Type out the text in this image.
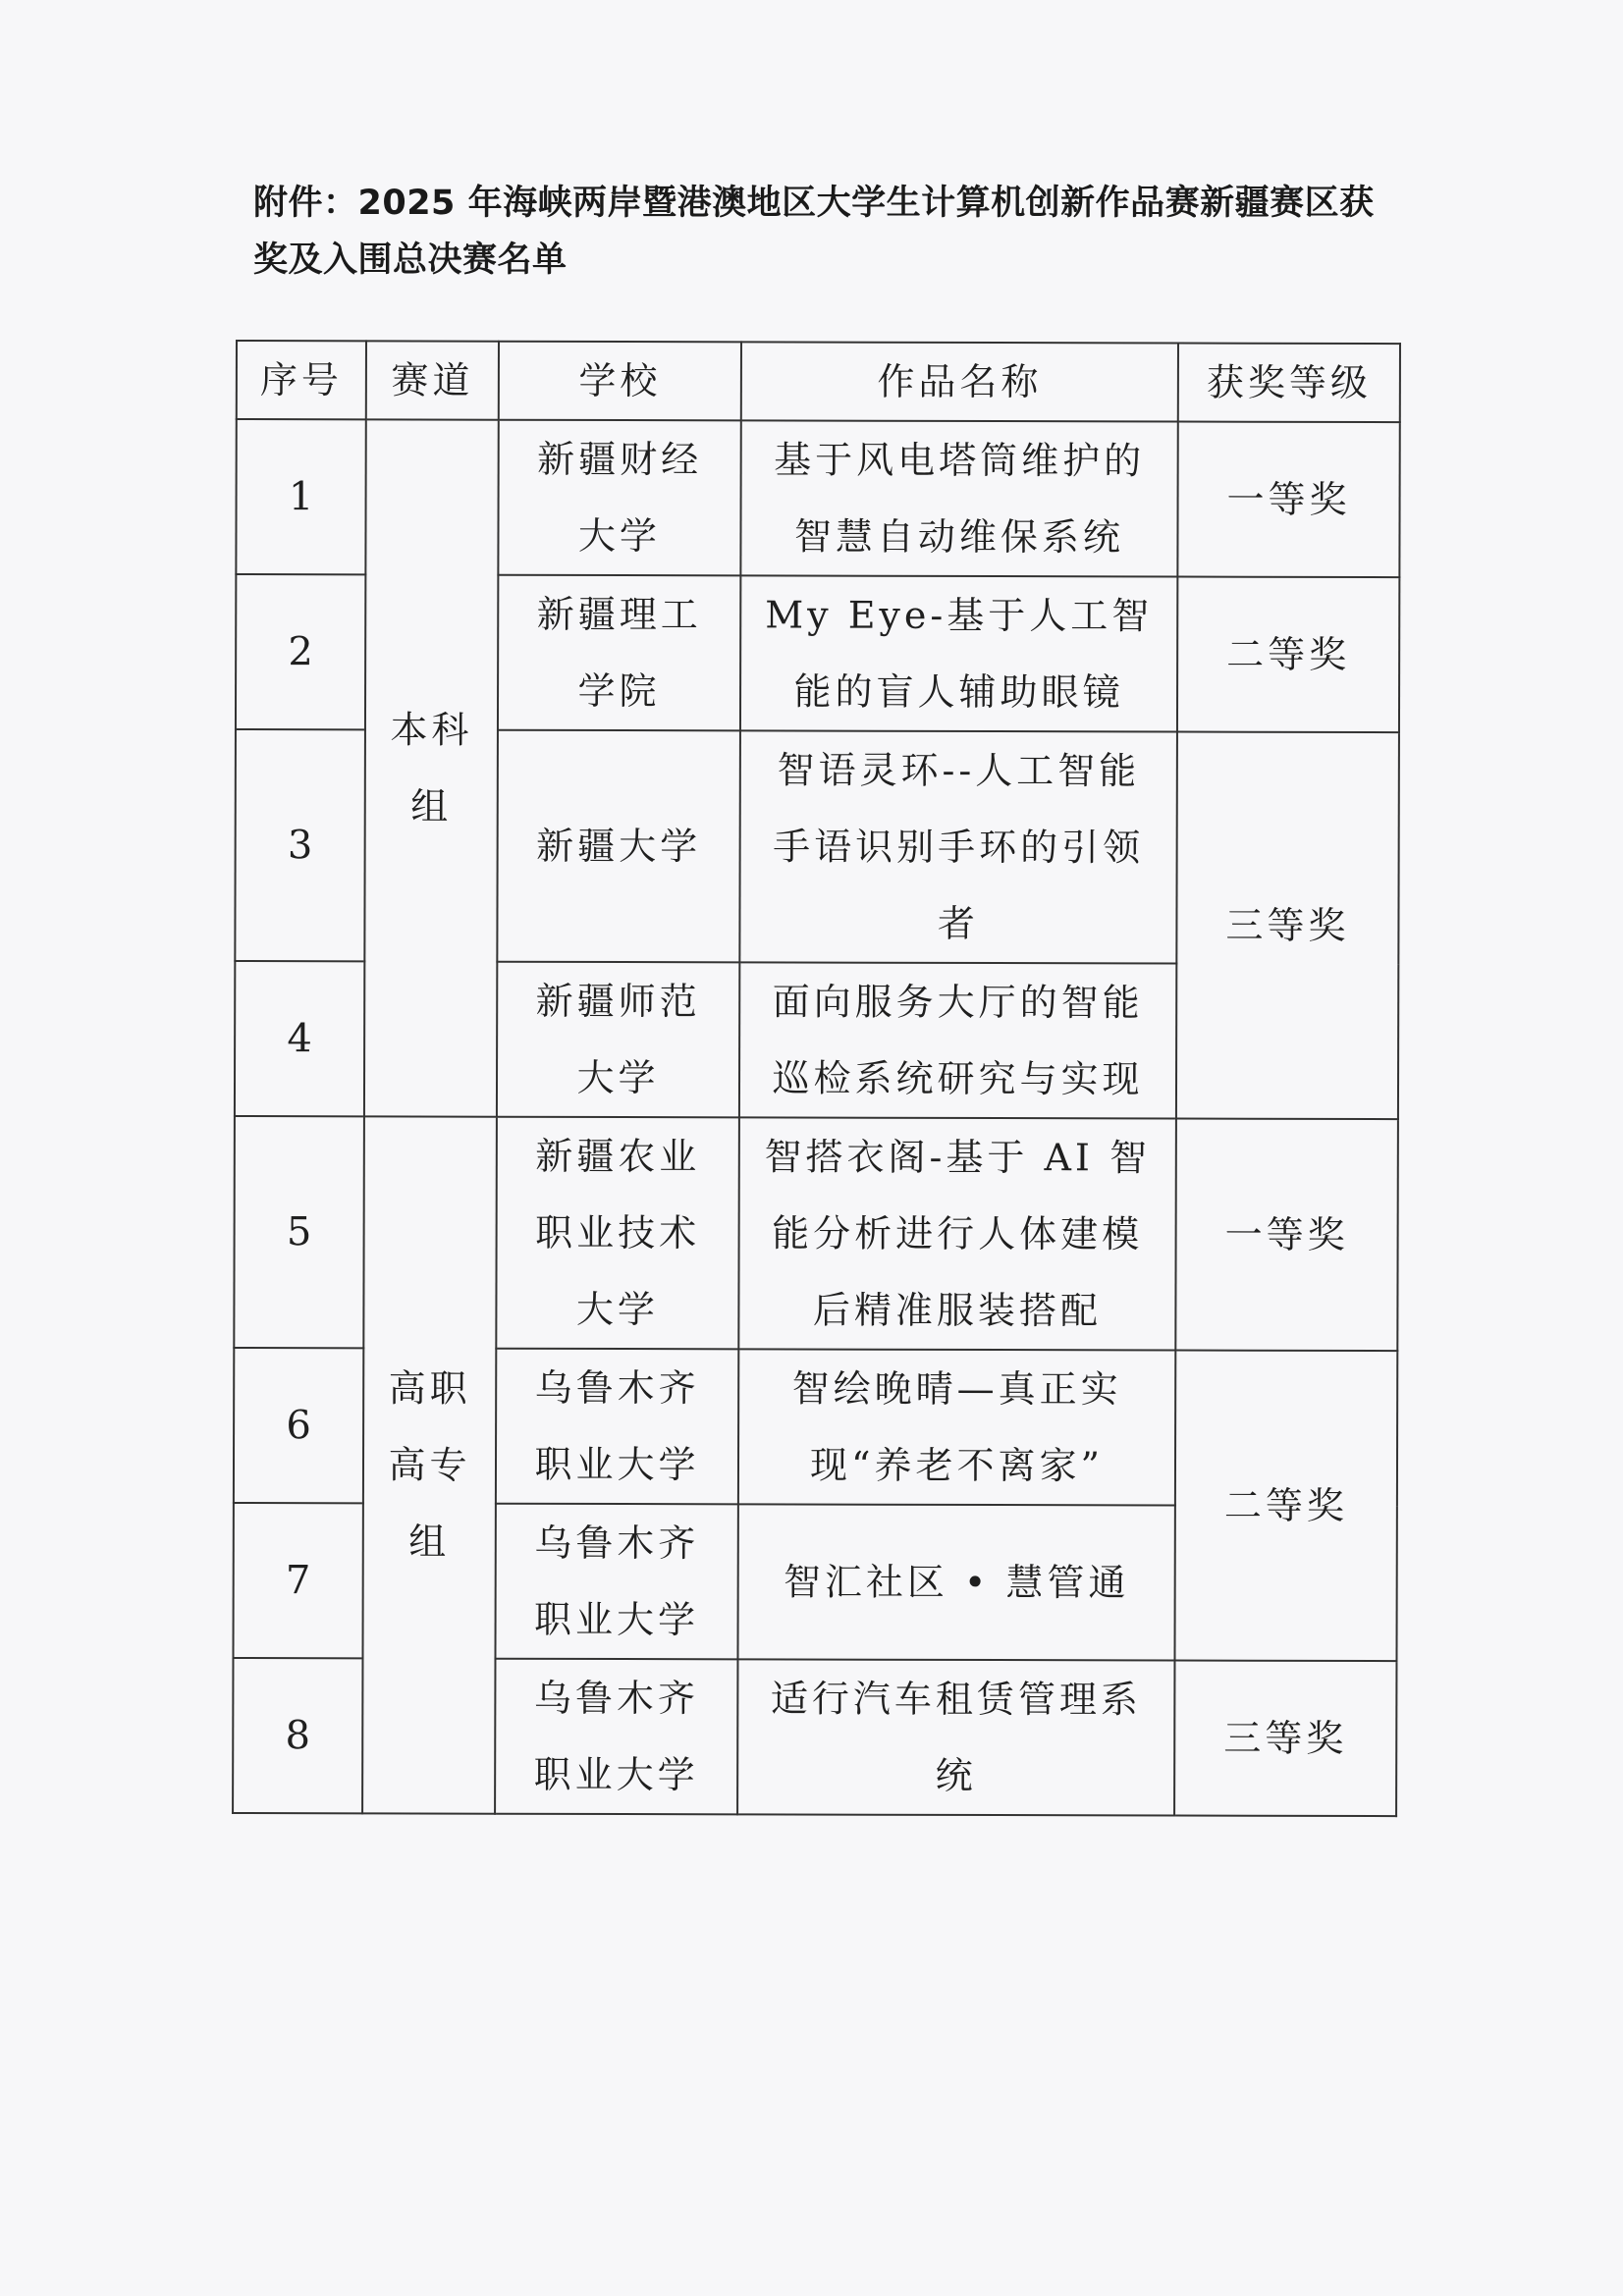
附件：2025 年海峡两岸暨港澳地区大学生计算机创新作品赛新疆赛区获奖及入围总决赛名单
序号	赛道	学校	作品名称	获奖等级
1	本科组	新疆财经大学	基于风电塔筒维护的智慧自动维保系统	一等奖
2		新疆理工学院	My Eye-基于人工智能的盲人辅助眼镜	二等奖
3		新疆大学	智语灵环--人工智能手语识别手环的引领者	三等奖
4		新疆师范大学	面向服务大厅的智能巡检系统研究与实现	
5	高职高专组	新疆农业职业技术大学	智搭衣阁-基于 AI 智能分析进行人体建模后精准服装搭配	一等奖
6		乌鲁木齐职业大学	智绘晚晴—真正实现“养老不离家”	二等奖
7		乌鲁木齐职业大学	智汇社区 • 慧管通	
8		乌鲁木齐职业大学	适行汽车租赁管理系统	三等奖
